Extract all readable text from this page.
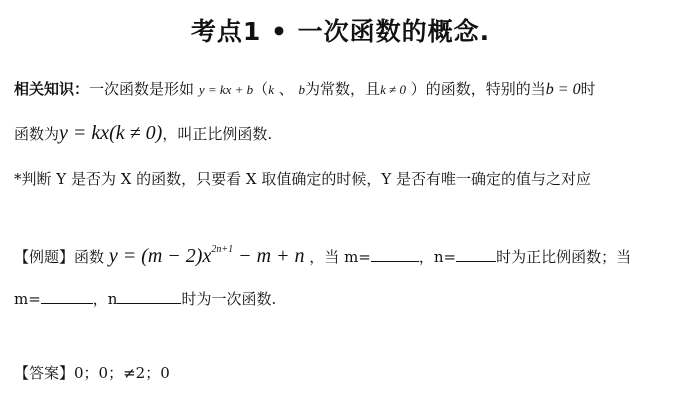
考点1 • 一次函数的概念.
相关知识：一次函数是形如 y = kx + b（k 、 b为常数，且k ≠ 0 ）的函数，特别的当b = 0时
函数为y = kx(k ≠ 0)，叫正比例函数.
*判断 Y 是否为 X 的函数，只要看 X 取值确定的时候，Y 是否有唯一确定的值与之对应
【例题】函数 $y = (m - 2)x^{2n+1} - m + n$ ，当 m=	，n=	时为正比例函数；当
m=	，n	时为一次函数.
【答案】0；0；≠2；0
